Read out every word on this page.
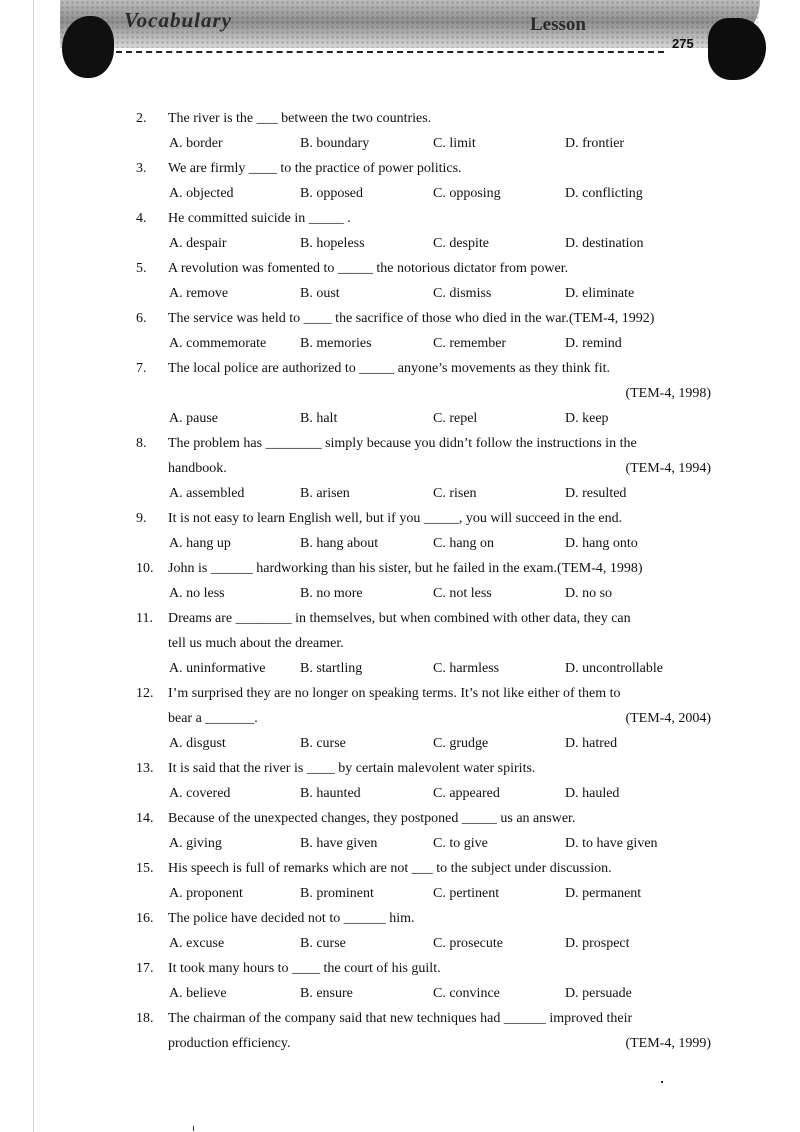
Vocabulary	Lesson
275
2.	The river is the ___ between the two countries.
A. border	B. boundary	C. limit	D. frontier
3.	We are firmly ____ to the practice of power politics.
A. objected	B. opposed	C. opposing	D. conflicting
4.	He committed suicide in _____ .
A. despair	B. hopeless	C. despite	D. destination
5.	A revolution was fomented to _____ the notorious dictator from power.
A. remove	B. oust	C. dismiss	D. eliminate
6.	The service was held to ____ the sacrifice of those who died in the war.(TEM-4, 1992)
A. commemorate	B. memories	C. remember	D. remind
7.	The local police are authorized to _____ anyone’s movements as they think fit.
(TEM-4, 1998)
A. pause	B. halt	C. repel	D. keep
8.	The problem has ________ simply because you didn’t follow the instructions in the
handbook.	(TEM-4, 1994)
A. assembled	B. arisen	C. risen	D. resulted
9.	It is not easy to learn English well, but if you _____, you will succeed in the end.
A. hang up	B. hang about	C. hang on	D. hang onto
10.	John is ______ hardworking than his sister, but he failed in the exam.(TEM-4, 1998)
A. no less	B. no more	C. not less	D. no so
11.	Dreams are ________ in themselves, but when combined with other data, they can
tell us much about the dreamer.
A. uninformative	B. startling	C. harmless	D. uncontrollable
12.	I’m surprised they are no longer on speaking terms. It’s not like either of them to
bear a _______.	(TEM-4, 2004)
A. disgust	B. curse	C. grudge	D. hatred
13.	It is said that the river is ____ by certain malevolent water spirits.
A. covered	B. haunted	C. appeared	D. hauled
14.	Because of the unexpected changes, they postponed _____ us an answer.
A. giving	B. have given	C. to give	D. to have given
15.	His speech is full of remarks which are not ___ to the subject under discussion.
A. proponent	B. prominent	C. pertinent	D. permanent
16.	The police have decided not to ______ him.
A. excuse	B. curse	C. prosecute	D. prospect
17.	It took many hours to ____ the court of his guilt.
A. believe	B. ensure	C. convince	D. persuade
18.	The chairman of the company said that new techniques had ______ improved their
production efficiency.	(TEM-4, 1999)
